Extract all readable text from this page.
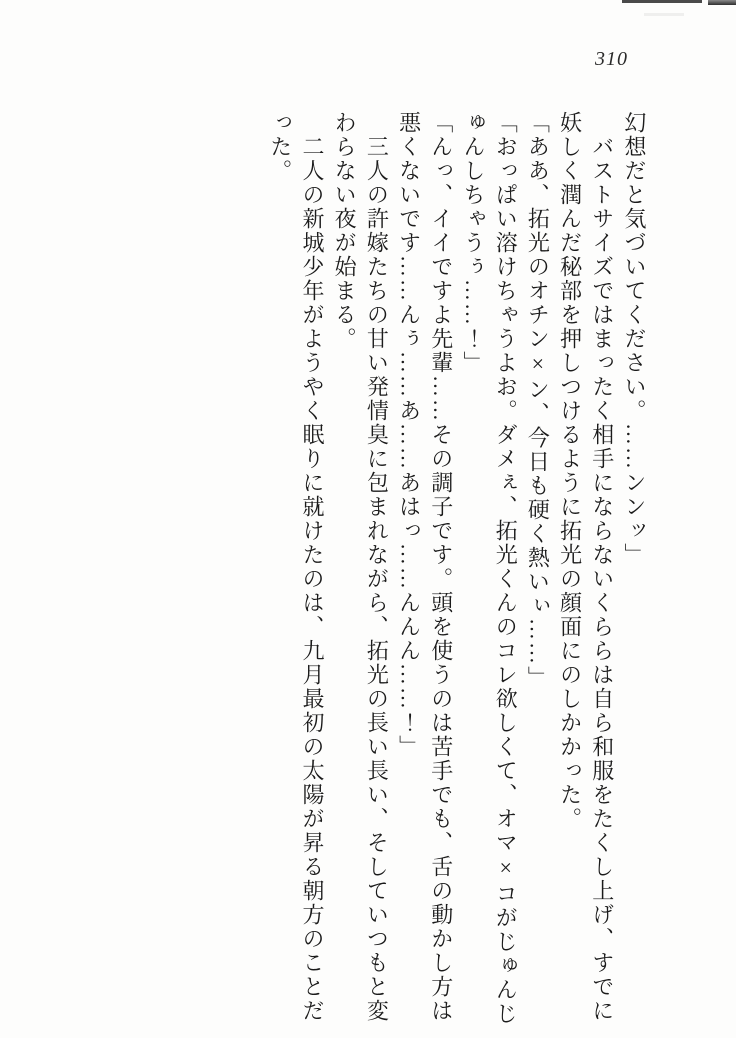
310
幻想だと気づいてください。……ンンッ」
バストサイズではまったく相手にならないくららは自ら和服をたくし上げ、すでに
妖しく潤んだ秘部を押しつけるように拓光の顔面にのしかかった。
「ああ、拓光のオチン×ン、今日も硬く熱いぃ……」
「おっぱい溶けちゃうよお。ダメぇ、拓光くんのコレ欲しくて、オマ×コがじゅんじ
ゅんしちゃうぅ……！」
「んっ、イイですよ先輩……その調子です。頭を使うのは苦手でも、舌の動かし方は
悪くないです……んぅ……あ……あはっ……んんん……！」
三人の許嫁たちの甘い発情臭に包まれながら、拓光の長い長い、そしていつもと変
わらない夜が始まる。
二人の新城少年がようやく眠りに就けたのは、九月最初の太陽が昇る朝方のことだ
った。
